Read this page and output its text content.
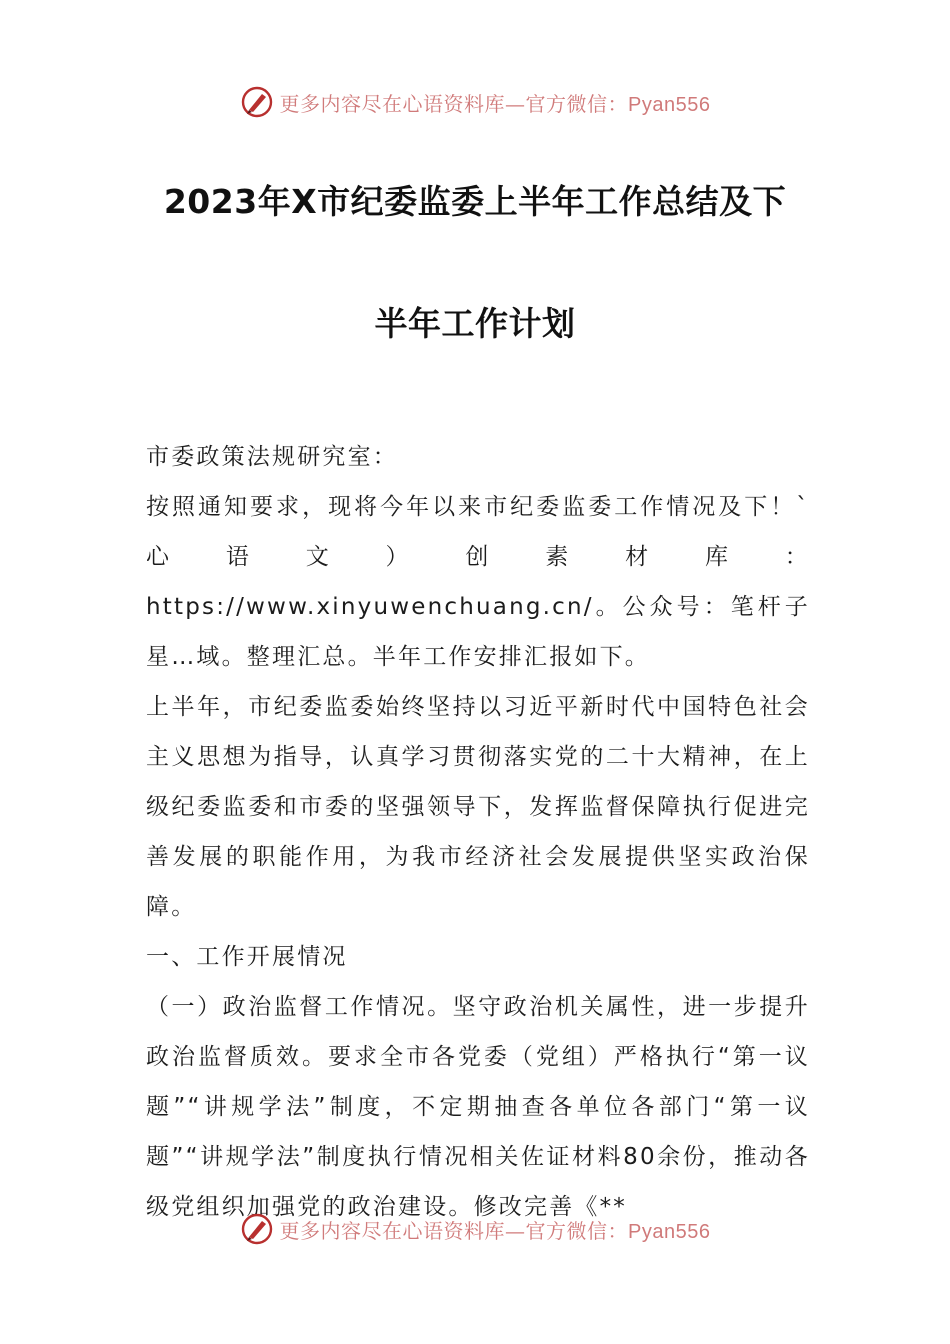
更多内容尽在心语资料库—官方微信：Pyan556
2023年X市纪委监委上半年工作总结及下
半年工作计划

市委政策法规研究室：

按照通知要求，现将今年以来市纪委监委工作情况及下！`心语文）创素材库：https://www.xinyuwenchuang.cn/。公众号：笔杆子星…域。整理汇总。半年工作安排汇报如下。

上半年，市纪委监委始终坚持以习近平新时代中国特色社会主义思想为指导，认真学习贯彻落实党的二十大精神，在上级纪委监委和市委的坚强领导下，发挥监督保障执行促进完善发展的职能作用，为我市经济社会发展提供坚实政治保障。

一、工作开展情况

（一）政治监督工作情况。坚守政治机关属性，进一步提升政治监督质效。要求全市各党委（党组）严格执行“第一议题”“讲规学法”制度，不定期抽查各单位各部门“第一议题”“讲规学法”制度执行情况相关佐证材料80余份，推动各级党组织加强党的政治建设。修改完善《**

更多内容尽在心语资料库—官方微信：Pyan556
